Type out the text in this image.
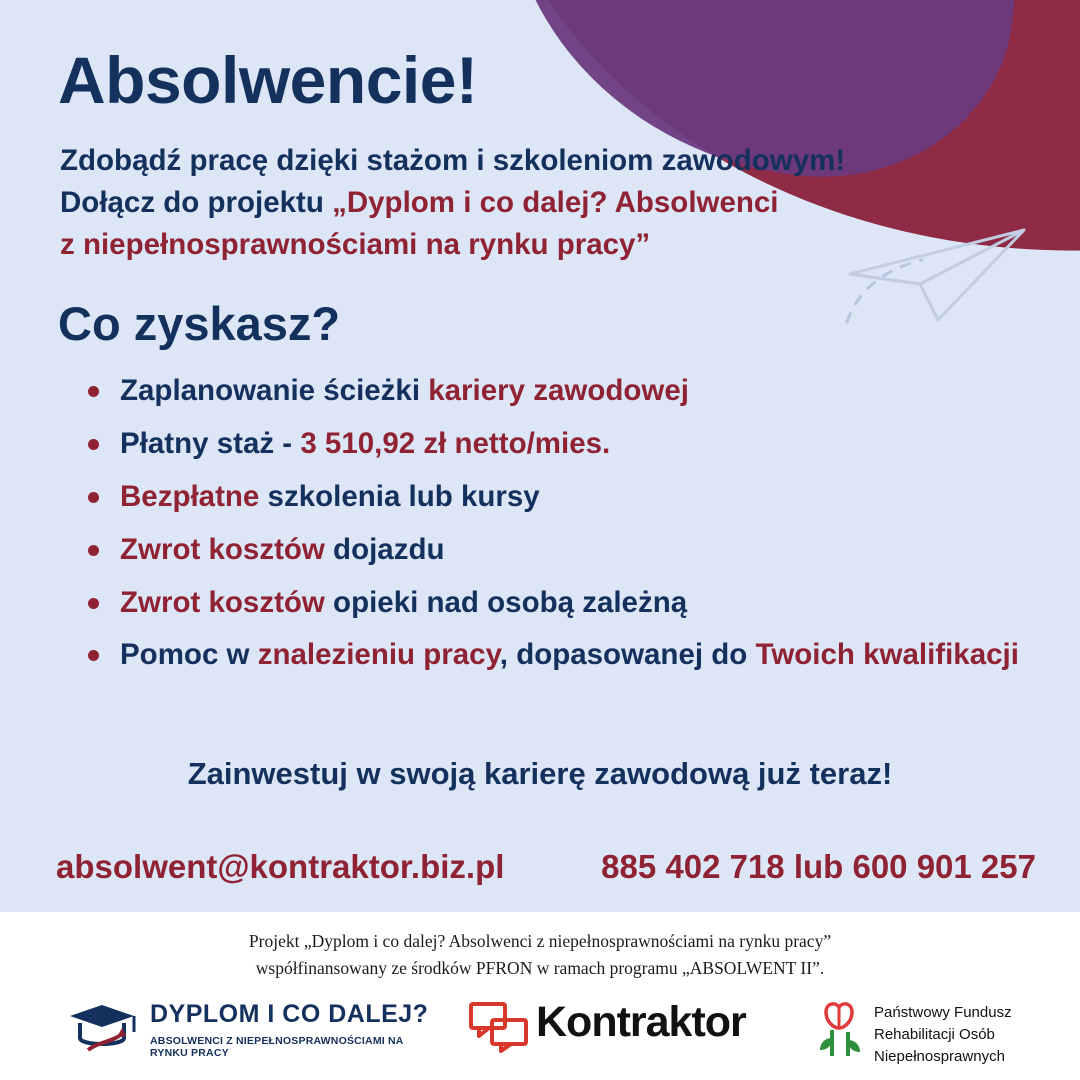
Absolwencie!
Zdobądź pracę dzięki stażom i szkoleniom zawodowym!
Dołącz do projektu „Dyplom i co dalej? Absolwenci
z niepełnosprawnościami na rynku pracy”
Co zyskasz?
Zaplanowanie ścieżki kariery zawodowej
Płatny staż - 3 510,92 zł netto/mies.
Bezpłatne szkolenia lub kursy
Zwrot kosztów dojazdu
Zwrot kosztów opieki nad osobą zależną
Pomoc w znalezieniu pracy, dopasowanej do Twoich kwalifikacji
Zainwestuj w swoją karierę zawodową już teraz!
absolwent@kontraktor.biz.pl	885 402 718 lub 600 901 257
Projekt „Dyplom i co dalej? Absolwenci z niepełnosprawnościami na rynku pracy”
współfinansowany ze środków PFRON w ramach programu „ABSOLWENT II”.
DYPLOM I CO DALEJ?
ABSOLWENCI Z NIEPEŁNOSPRAWNOŚCIAMI NA RYNKU PRACY
Kontraktor	Państwowy Fundusz
Rehabilitacji Osób
Niepełnosprawnych
